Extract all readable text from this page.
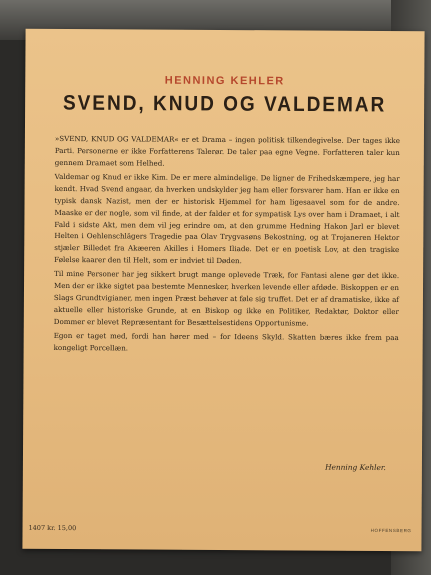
HENNING KEHLER
SVEND, KNUD OG VALDEMAR

»SVEND, KNUD OG VALDEMAR« er et Drama – ingen politisk tilkendegivelse. Der tages ikke Parti. Personerne er ikke Forfatterens Talerør. De taler paa egne Vegne. Forfatteren taler kun gennem Dramaet som Helhed.

Valdemar og Knud er ikke Kim. De er mere almindelige. De ligner de Frihedskæmpere, jeg har kendt. Hvad Svend angaar, da hverken undskylder jeg ham eller forsvarer ham. Han er ikke en typisk dansk Nazist, men der er historisk Hjemmel for ham ligesaavel som for de andre. Maaske er der nogle, som vil finde, at der falder et for sympatisk Lys over ham i Dramaet, i alt Fald i sidste Akt, men dem vil jeg erindre om, at den grumme Hedning Hakon Jarl er blevet Helten i Oehlenschlägers Tragedie paa Olav Trygvasøns Bekostning, og at Trojaneren Hektor stjæler Billedet fra Akæeren Akilles i Homers Iliade. Det er en poetisk Lov, at den tragiske Følelse kaarer den til Helt, som er indviet til Døden.

Til mine Personer har jeg sikkert brugt mange oplevede Træk, for Fantasi alene gør det ikke. Men der er ikke sigtet paa bestemte Mennesker, hverken levende eller afdøde. Biskoppen er en Slags Grundtvigianer, men ingen Præst behøver at føle sig truffet. Det er af dramatiske, ikke af aktuelle eller historiske Grunde, at en Biskop og ikke en Politiker, Redaktør, Doktor eller Dommer er blevet Repræsentant for Besættelsestidens Opportunisme.

Egon er taget med, fordi han hører med – for Ideens Skyld. Skatten bæres ikke frem paa kongeligt Porcellæn.

Henning Kehler.
1407 kr. 15,00	HOFFENSBERG
